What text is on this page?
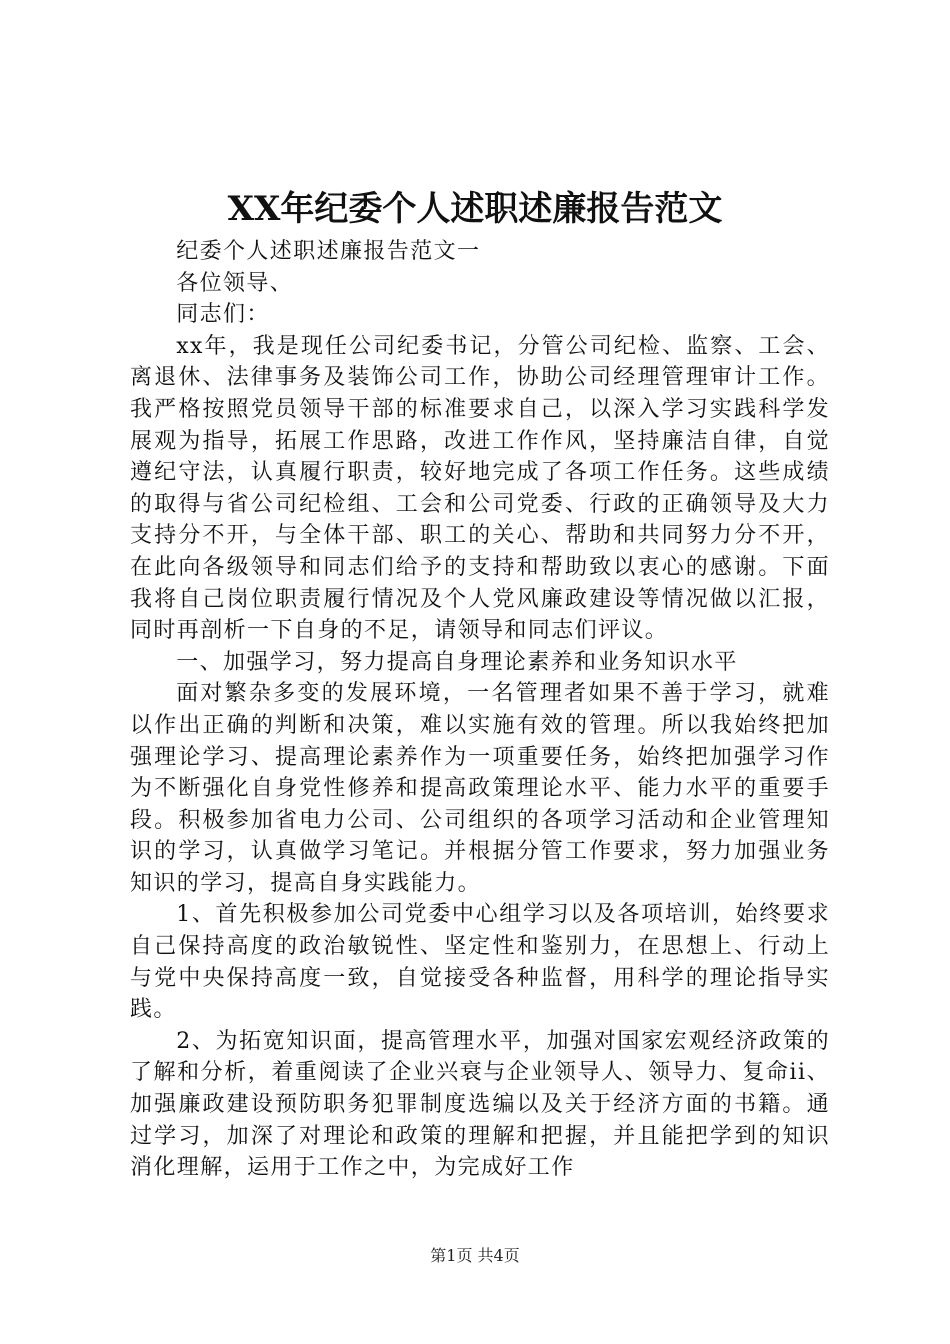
XX年纪委个人述职述廉报告范文

纪委个人述职述廉报告范文一

各位领导、

同志们：

xx年，我是现任公司纪委书记，分管公司纪检、监察、工会、离退休、法律事务及装饰公司工作，协助公司经理管理审计工作。我严格按照党员领导干部的标准要求自己，以深入学习实践科学发展观为指导，拓展工作思路，改进工作作风，坚持廉洁自律，自觉遵纪守法，认真履行职责，较好地完成了各项工作任务。这些成绩的取得与省公司纪检组、工会和公司党委、行政的正确领导及大力支持分不开，与全体干部、职工的关心、帮助和共同努力分不开，在此向各级领导和同志们给予的支持和帮助致以衷心的感谢。下面我将自己岗位职责履行情况及个人党风廉政建设等情况做以汇报，同时再剖析一下自身的不足，请领导和同志们评议。

一、加强学习，努力提高自身理论素养和业务知识水平

面对繁杂多变的发展环境，一名管理者如果不善于学习，就难以作出正确的判断和决策，难以实施有效的管理。所以我始终把加强理论学习、提高理论素养作为一项重要任务，始终把加强学习作为不断强化自身党性修养和提高政策理论水平、能力水平的重要手段。积极参加省电力公司、公司组织的各项学习活动和企业管理知识的学习，认真做学习笔记。并根据分管工作要求，努力加强业务知识的学习，提高自身实践能力。

1、首先积极参加公司党委中心组学习以及各项培训，始终要求自己保持高度的政治敏锐性、坚定性和鉴别力，在思想上、行动上与党中央保持高度一致，自觉接受各种监督，用科学的理论指导实践。

2、为拓宽知识面，提高管理水平，加强对国家宏观经济政策的了解和分析，着重阅读了企业兴衰与企业领导人、领导力、复命ii、加强廉政建设预防职务犯罪制度选编以及关于经济方面的书籍。通过学习，加深了对理论和政策的理解和把握，并且能把学到的知识消化理解，运用于工作之中，为完成好工作

第1页 共4页
